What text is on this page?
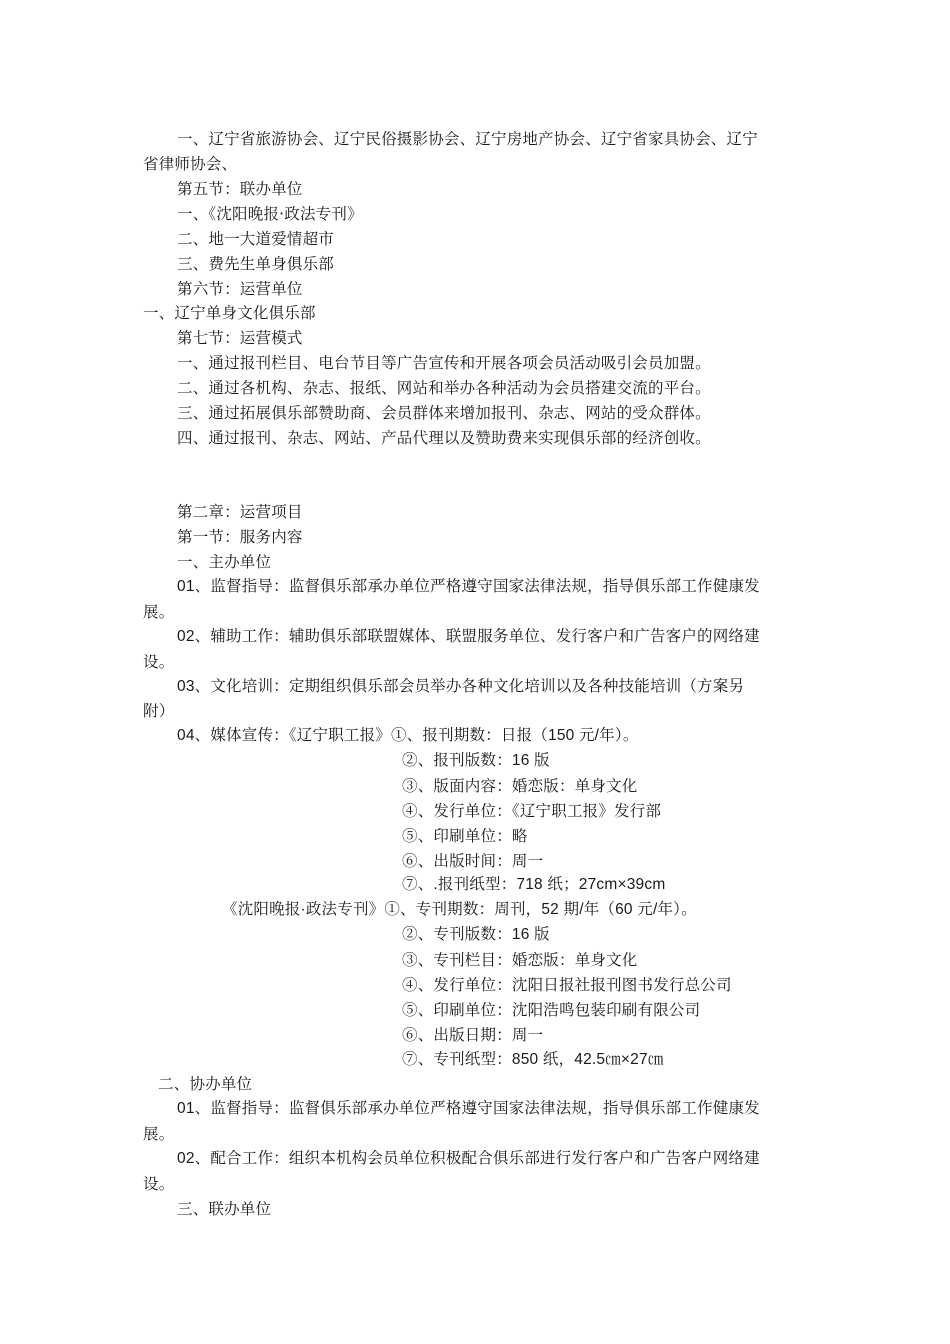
一、辽宁省旅游协会、辽宁民俗摄影协会、辽宁房地产协会、辽宁省家具协会、辽宁
省律师协会、
第五节：联办单位
一、《沈阳晚报·政法专刊》
二、地一大道爱情超市
三、费先生单身俱乐部
第六节：运营单位
一、辽宁单身文化俱乐部
第七节：运营模式
一、通过报刊栏目、电台节目等广告宣传和开展各项会员活动吸引会员加盟。
二、通过各机构、杂志、报纸、网站和举办各种活动为会员搭建交流的平台。
三、通过拓展俱乐部赞助商、会员群体来增加报刊、杂志、网站的受众群体。
四、通过报刊、杂志、网站、产品代理以及赞助费来实现俱乐部的经济创收。
第二章：运营项目
第一节：服务内容
一、主办单位
01、监督指导：监督俱乐部承办单位严格遵守国家法律法规，指导俱乐部工作健康发
展。
02、辅助工作：辅助俱乐部联盟媒体、联盟服务单位、发行客户和广告客户的网络建
设。
03、文化培训：定期组织俱乐部会员举办各种文化培训以及各种技能培训（方案另
附）
04、媒体宣传：《辽宁职工报》①、报刊期数：日报（150 元/年）。
②、报刊版数：16 版
③、版面内容：婚恋版：单身文化
④、发行单位：《辽宁职工报》发行部
⑤、印刷单位：略
⑥、出版时间：周一
⑦、.报刊纸型：718 纸；27cm×39cm
《沈阳晚报·政法专刊》①、专刊期数：周刊，52 期/年（60 元/年）。
②、专刊版数：16 版
③、专刊栏目：婚恋版：单身文化
④、发行单位：沈阳日报社报刊图书发行总公司
⑤、印刷单位：沈阳浩鸣包装印刷有限公司
⑥、出版日期：周一
⑦、专刊纸型：850 纸，42.5㎝×27㎝
二、协办单位
01、监督指导：监督俱乐部承办单位严格遵守国家法律法规，指导俱乐部工作健康发
展。
02、配合工作：组织本机构会员单位积极配合俱乐部进行发行客户和广告客户网络建
设。
三、联办单位
